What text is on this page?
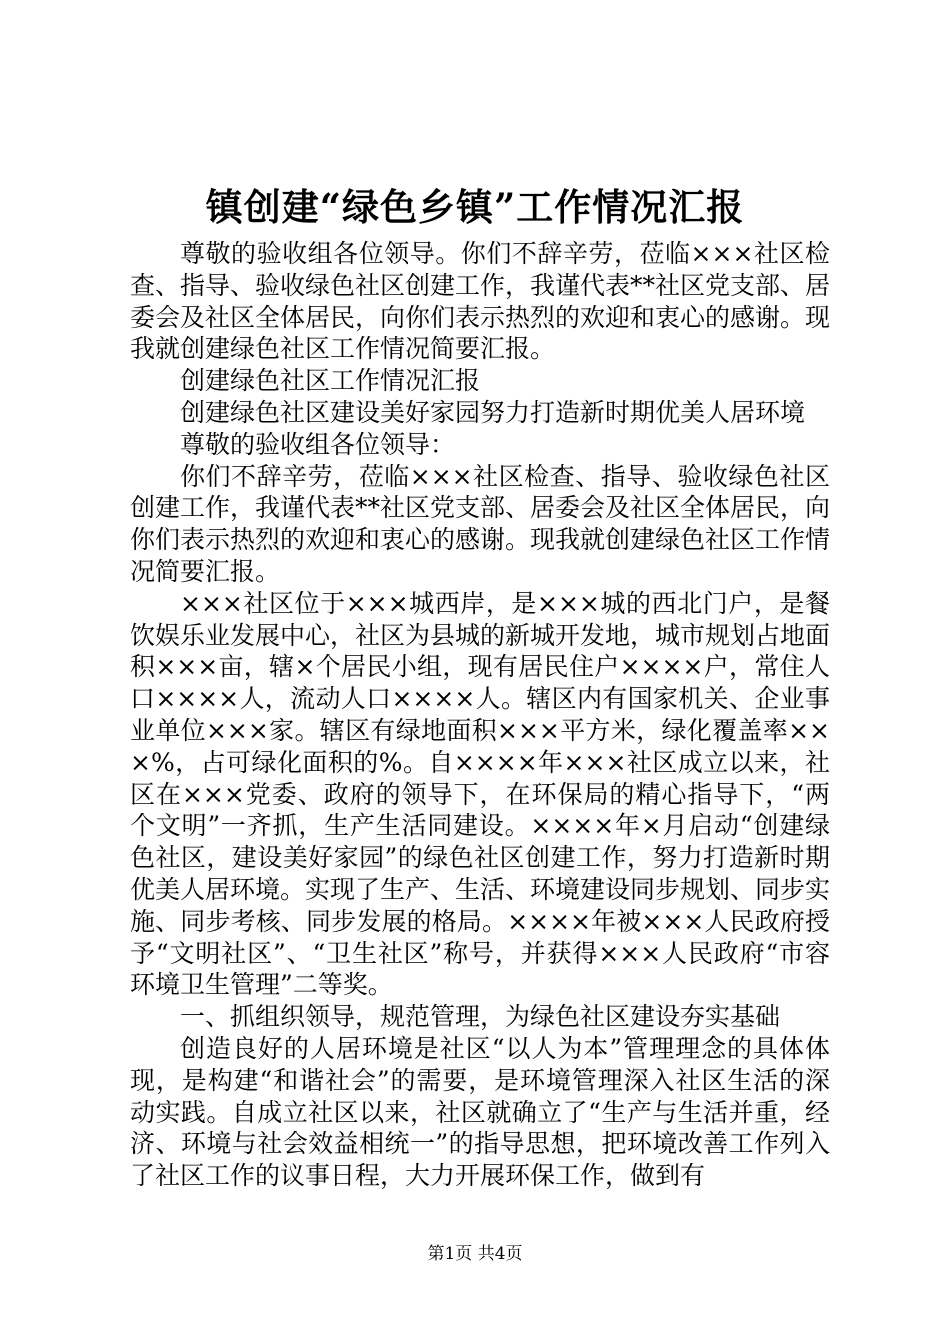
镇创建“绿色乡镇”工作情况汇报

尊敬的验收组各位领导。你们不辞辛劳，莅临×××社区检查、指导、验收绿色社区创建工作，我谨代表**社区党支部、居委会及社区全体居民，向你们表示热烈的欢迎和衷心的感谢。现我就创建绿色社区工作情况简要汇报。

创建绿色社区工作情况汇报

创建绿色社区建设美好家园努力打造新时期优美人居环境

尊敬的验收组各位领导：

你们不辞辛劳，莅临×××社区检查、指导、验收绿色社区创建工作，我谨代表**社区党支部、居委会及社区全体居民，向你们表示热烈的欢迎和衷心的感谢。现我就创建绿色社区工作情况简要汇报。

×××社区位于×××城西岸，是×××城的西北门户，是餐饮娱乐业发展中心，社区为县城的新城开发地，城市规划占地面积×××亩，辖×个居民小组，现有居民住户××××户，常住人口××××人，流动人口××××人。辖区内有国家机关、企业事业单位×××家。辖区有绿地面积×××平方米，绿化覆盖率×××%，占可绿化面积的%。自××××年×××社区成立以来，社区在×××党委、政府的领导下，在环保局的精心指导下，“两个文明”一齐抓，生产生活同建设。××××年×月启动“创建绿色社区，建设美好家园”的绿色社区创建工作，努力打造新时期优美人居环境。实现了生产、生活、环境建设同步规划、同步实施、同步考核、同步发展的格局。××××年被×××人民政府授予“文明社区”、“卫生社区”称号，并获得×××人民政府“市容环境卫生管理”二等奖。

一、抓组织领导，规范管理，为绿色社区建设夯实基础

创造良好的人居环境是社区“以人为本”管理理念的具体体现，是构建“和谐社会”的需要，是环境管理深入社区生活的深动实践。自成立社区以来，社区就确立了“生产与生活并重，经济、环境与社会效益相统一”的指导思想，把环境改善工作列入了社区工作的议事日程，大力开展环保工作，做到有

第1页 共4页
